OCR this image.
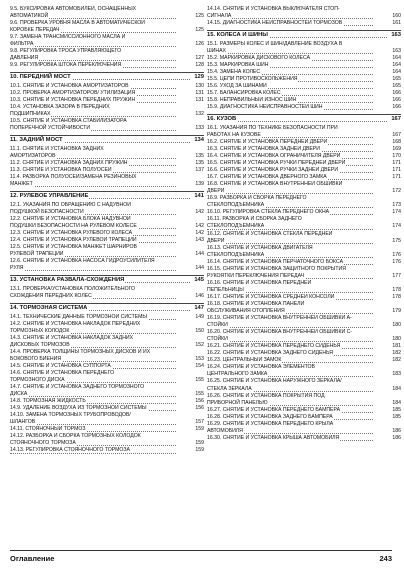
9.5. БУКСИРОВКА АВТОМОБИЛЕЙ, ОСНАЩЕННЫХ
АВТОМАТИКОЙ	125
9.6. ПРОВЕРКА УРОВНЯ МАСЛА В АВТОМАТИЧЕСКОЙ
КОРОБКЕ ПЕРЕДАЧ	125
9.7. ЗАМЕНА ТРАНСМИССИОННОГО МАСЛА И
ФИЛЬТРА	126
9.8. РЕГУЛИРОВКА ТРОСА УПРАВЛЯЮЩЕГО
ДАВЛЕНИЯ	127
9.9. РЕГУЛИРОВКА ШТОКА ПЕРЕКЛЮЧЕНИЯ	128
10. ПЕРЕДНИЙ МОСТ	129
10.1. СНЯТИЕ И УСТАНОВКА АМОРТИЗАТОРОВ	130
10.2. ПРОВЕРКА АМОРТИЗАТОРОВ/ УТИЛИЗАЦИЯ	131
10.3. СНЯТИЕ И УСТАНОВКА ПЕРЕДНИХ ПРУЖИН	131
10.4. УСТАНОВКА ЗАЗОРА В ПЕРЕДНИХ
ПОДШИПНИКАХ	132
10.5. СНЯТИЕ И УСТАНОВКА СТАБИЛИЗАТОРА
ПОПЕРЕЧНОЙ УСТОЙЧИВОСТИ	133
11. ЗАДНИЙ МОСТ	134
11.1. СНЯТИЕ И УСТАНОВКА ЗАДНИХ
АМОРТИЗАТОРОВ	135
11.2. СНЯТИЕ И УСТАНОВКА ЗАДНИХ ПРУЖИН	135
11.3. СНЯТИЕ И УСТАНОВКА ПОЛУОСЕЙ	137
11.4. РАЗБОРКА ПОЛУОСЕЙ/ЗАМЕНА РЕЗИНОВЫХ
МАНЖЕТ	139
12. РУЛЕВОЕ УПРАВЛЕНИЕ	141
12.1. УКАЗАНИЯ ПО ОБРАЩЕНИЮ С НАДУВНОЙ
ПОДУШКОЙ БЕЗОПАСНОСТИ	142
12.2. СНЯТИЕ И УСТАНОВКА БЛОКА НАДУВНОЙ
ПОДУШКИ БЕЗОПАСНОСТИ НА РУЛЕВОМ КОЛЕСЕ	142
12.3. СНЯТИЕ И УСТАНОВКА РУЛЕВОГО КОЛЕСА	142
12.4. СНЯТИЕ И УСТАНОВКА РУЛЕВОЙ ТРАПЕЦИИ	143
12.5. СНЯТИЕ И УСТАНОВКА МАНЖЕТ ШАРНИРОВ
РУЛЕВОЙ ТРАПЕЦИИ	144
12.6. СНЯТИЕ И УСТАНОВКА НАСОСА ГИДРОУСИЛИТЕЛЯ
РУЛЯ	144
13. УСТАНОВКА РАЗВАЛА-СХОЖДЕНИЯ	145
13.1. ПРОВЕРКА/УСТАНОВКА ПОЛОЖИТЕЛЬНОГО
СХОЖДЕНИЯ ПЕРЕДНИХ КОЛЕС	146
14. ТОРМОЗНАЯ СИСТЕМА	147
14.1. ТЕХНИЧЕСКИЕ ДАННЫЕ ТОРМОЗНОЙ СИСТЕМЫ	149
14.2. СНЯТИЕ И УСТАНОВКА НАКЛАДОК ПЕРЕДНИХ
ТОРМОЗНЫХ КОЛОДОК	150
14.3. СНЯТИЕ И УСТАНОВКА НАКЛАДОК ЗАДНИХ
ДИСКОВЫХ ТОРМОЗОВ	152
14.4. ПРОВЕРКА ТОЛЩИНЫ ТОРМОЗНЫХ ДИСКОВ И ИХ
БОКОВОГО БИЕНИЯ	153
14.5. СНЯТИЕ И УСТАНОВКА СУППОРТА	154
14.6. СНЯТИЕ И УСТАНОВКА ПЕРЕДНЕГО
ТОРМОЗНОГО ДИСКА	155
14.7. СНЯТИЕ И УСТАНОВКА ЗАДНЕГО ТОРМОЗНОГО
ДИСКА	155
14.8. ТОРМОЗНАЯ ЖИДКОСТЬ	156
14.9. УДАЛЕНИЕ ВОЗДУХА ИЗ ТОРМОЗНОЙ СИСТЕМЫ	156
14.10. ЗАМЕНА ТОРМОЗНЫХ ТРУБОПРОВОДОВ/
ШЛАНГОВ	157
14.11. СТОЯНОЧНЫЙ ТОРМОЗ	159
14.12. РАЗБОРКА И СБОРКА ТОРМОЗНЫХ КОЛОДОК
СТОЯНОЧНОГО ТОРМОЗА	159
14.13. РЕГУЛИРОВКА СТОЯНОЧНОГО ТОРМОЗА	159
14.14. СНЯТИЕ И УСТАНОВКА ВЫКЛЮЧАТЕЛЯ СТОП-
СИГНАЛА	160
14.15. ДИАГНОСТИКА НЕИСПРАВНОСТЕЙ ТОРМОЗОВ	161
15. КОЛЕСА И ШИНЫ	163
15.1. РАЗМЕРЫ КОЛЕС И ШИН/ДАВЛЕНИЕ ВОЗДУХА В
ШИНАХ	163
15.2. МАРКИРОВКА ДИСКОВОГО КОЛЕСА	164
15.3. МАРКИРОВКА ШИН	164
15.4. ЗАМЕНА КОЛЕС	164
15.5. ЦЕПИ ПРОТИВОСКОЛЬЖЕНИЯ	165
15.6. УХОД ЗА ШИНАМИ	165
15.7. БАЛАНСИРОВКА КОЛЕС	166
15.8. НЕПРАВИЛЬНЫЙ ИЗНОС ШИН	166
15.9. ДИАГНОСТИКА НЕИСПРАВНОСТЕЙ ШИН	166
16. КУЗОВ	167
16.1. УКАЗАНИЯ ПО ТЕХНИКЕ БЕЗОПАСНОСТИ ПРИ
РАБОТАХ НА КУЗОВЕ	167
16.2. СНЯТИЕ И УСТАНОВКА ПЕРЕДНЕЙ ДВЕРИ	168
16.3. СНЯТИЕ И УСТАНОВКА ЗАДНЕЙ ДВЕРИ	169
16.4. СНЯТИЕ И УСТАНОВКА ОГРАНИЧИТЕЛЯ ДВЕРИ	170
16.5. СНЯТИЕ И УСТАНОВКА РУЧКИ ПЕРЕДНЕЙ ДВЕРИ	171
16.6. СНЯТИЕ И УСТАНОВКА РУЧКИ ЗАДНЕЙ ДВЕРИ	171
16.7. СНЯТИЕ И УСТАНОВКА ДВЕРНОГО ЗАМКА	171
16.8. СНЯТИЕ И УСТАНОВКА ВНУТРЕННЕЙ ОБШИВКИ
ДВЕРИ	172
16.9. РАЗБОРКА И СБОРКА ПЕРЕДНЕГО
СТЕКЛОПОДЪЕМНИКА	173
16.10. РЕГУЛИРОВКА СТЕКЛА ПЕРЕДНЕГО ОКНА	174
16.11. РАЗБОРКА И СБОРКА ЗАДНЕГО
СТЕКЛОПОДЪЕМНИКА	174
16.12. СНЯТИЕ И УСТАНОВКА СТЕКЛА ПЕРЕДНЕЙ
ДВЕРИ	175
16.13. СНЯТИЕ И УСТАНОВКА ДВИГАТЕЛЯ
СТЕКЛОПОДЪЕМНИКА	176
16.14. СНЯТИЕ И УСТАНОВКА ПЕРЧАТОЧНОГО БОКСА	176
16.15. СНЯТИЕ И УСТАНОВКА ЗАЩИТНОГО ПОКРЫТИЯ
РУКОЯТКИ ПЕРЕКЛЮЧЕНИЯ ПЕРЕДАЧ	177
16.16. СНЯТИЕ И УСТАНОВКА ПЕРЕДНЕЙ
ПЕПЕЛЬНИЦЫ	178
16.17. СНЯТИЕ И УСТАНОВКА СРЕДНЕЙ КОНСОЛИ	178
16.18. СНЯТИЕ И УСТАНОВКА ПАНЕЛИ
ОБСЛУЖИВАНИЯ ОТОПЛЕНИЯ	179
16.19. СНЯТИЕ И УСТАНОВКА ВНУТРЕННЕЙ ОБШИВКИ А-
СТОЙКИ	180
16.20. СНЯТИЕ И УСТАНОВКА ВНУТРЕННЕЙ ОБШИВКИ С-
СТОЙКИ	180
16.21. СНЯТИЕ И УСТАНОВКА ПЕРЕДНЕГО СИДЕНЬЯ	181
16.22. СНЯТИЕ И УСТАНОВКА ЗАДНЕГО СИДЕНЬЯ	182
16.23. ЦЕНТРАЛЬНЫЙ ЗАМОК	182
16.24. СНЯТИЕ И УСТАНОВКА ЭЛЕМЕНТОВ
ЦЕНТРАЛЬНОГО ЗАМКА	183
16.25. СНЯТИЕ И УСТАНОВКА НАРУЖНОГО ЗЕРКАЛА/
СТЕКЛА ЗЕРКАЛА	184
16.26. СНЯТИЕ И УСТАНОВКА ПОКРЫТИЯ ПОД
ПРИБОРНОЙ ПАНЕЛЬЮ	184
16.27. СНЯТИЕ И УСТАНОВКА ПЕРЕДНЕГО БАМПЕРА	185
16.28. СНЯТИЕ И УСТАНОВКА ЗАДНЕГО БАМПЕРА	185
16.29. СНЯТИЕ И УСТАНОВКА ПЕРЕДНЕГО КРЫЛА
АВТОМОБИЛЯ	186
16.30. СНЯТИЕ И УСТАНОВКА КРЫША АВТОМОБИЛЯ	186
Оглавление	243
